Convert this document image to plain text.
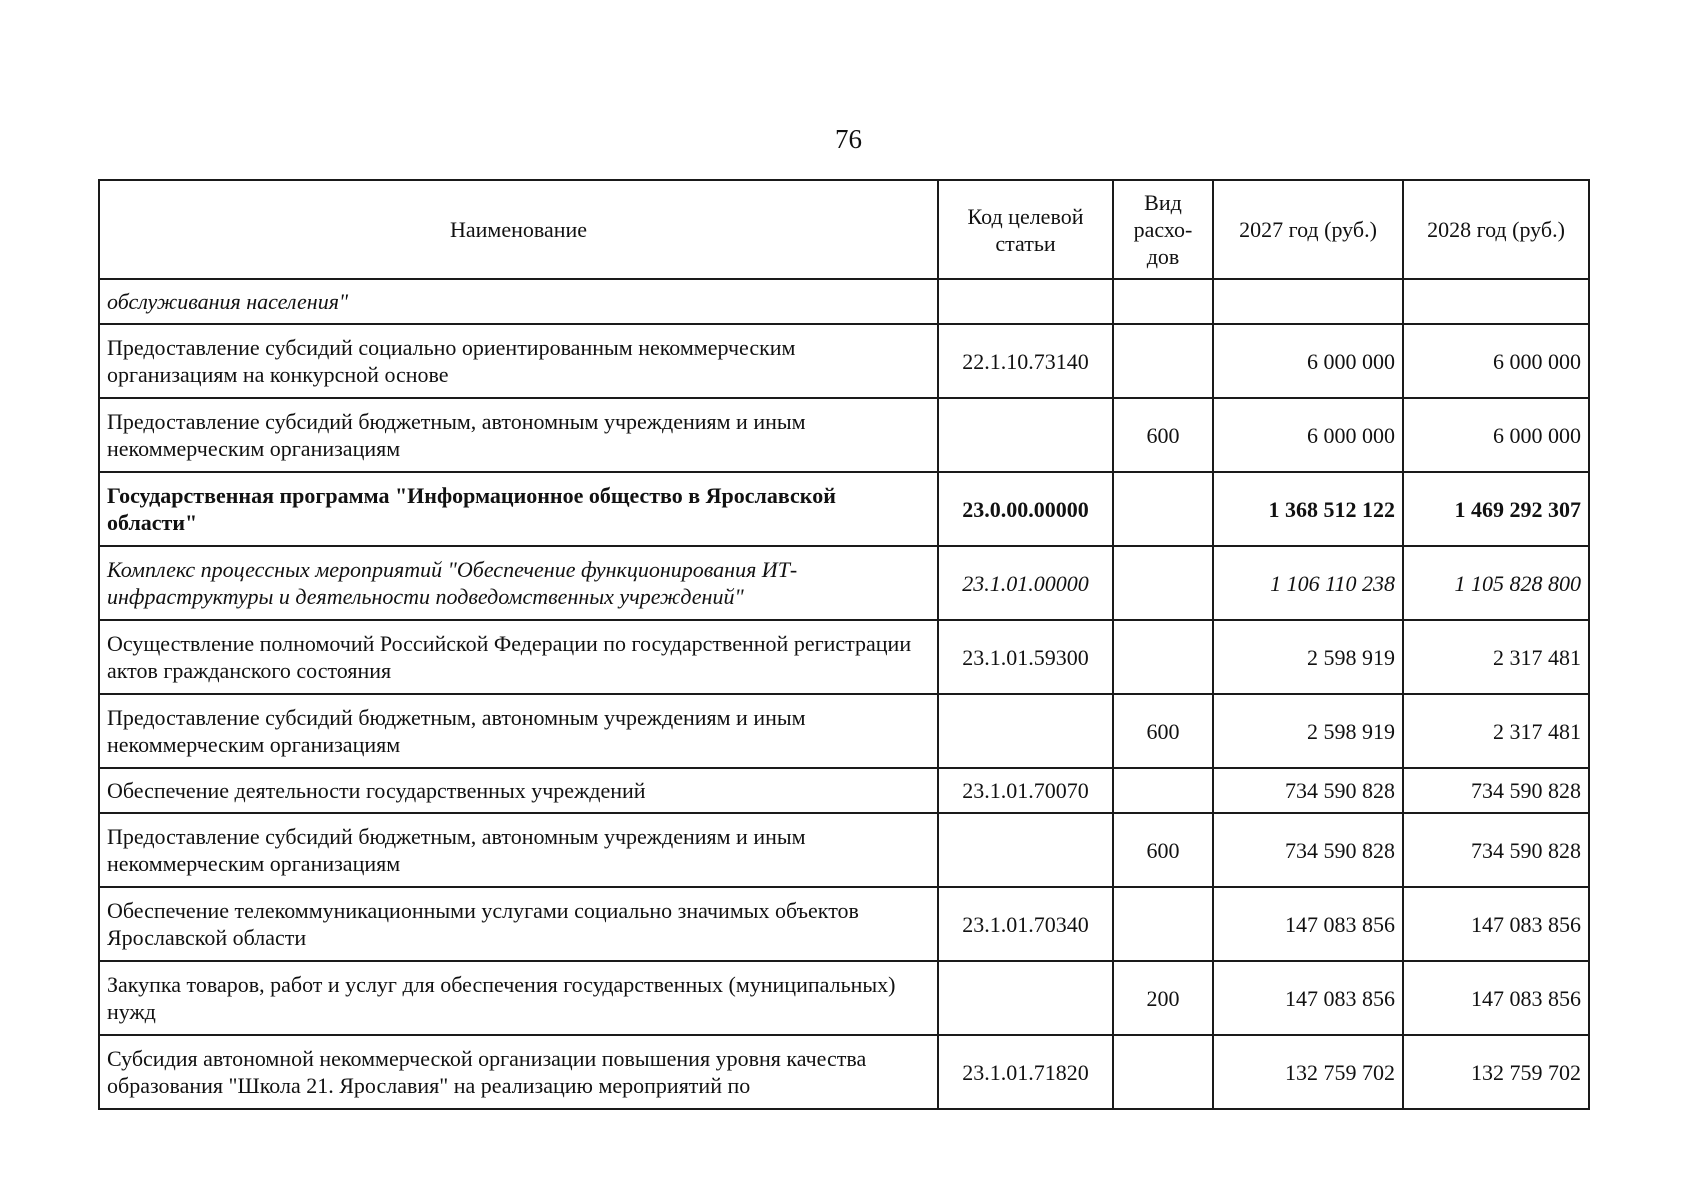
76
Наименование	Код целевой статьи	Вид расхо-дов	2027 год (руб.)	2028 год (руб.)
обслуживания населения"				
Предоставление субсидий социально ориентированным некоммерческим организациям на конкурсной основе	22.1.10.73140		6 000 000	6 000 000
Предоставление субсидий бюджетным, автономным учреждениям и иным некоммерческим организациям		600	6 000 000	6 000 000
Государственная программа "Информационное общество в Ярославской области"	23.0.00.00000		1 368 512 122	1 469 292 307
Комплекс процессных мероприятий "Обеспечение функционирования ИТ-инфраструктуры и деятельности подведомственных учреждений"	23.1.01.00000		1 106 110 238	1 105 828 800
Осуществление полномочий Российской Федерации по государственной регистрации актов гражданского состояния	23.1.01.59300		2 598 919	2 317 481
Предоставление субсидий бюджетным, автономным учреждениям и иным некоммерческим организациям		600	2 598 919	2 317 481
Обеспечение деятельности государственных учреждений	23.1.01.70070		734 590 828	734 590 828
Предоставление субсидий бюджетным, автономным учреждениям и иным некоммерческим организациям		600	734 590 828	734 590 828
Обеспечение телекоммуникационными услугами социально значимых объектов Ярославской области	23.1.01.70340		147 083 856	147 083 856
Закупка товаров, работ и услуг для обеспечения государственных (муниципальных) нужд		200	147 083 856	147 083 856
Субсидия автономной некоммерческой организации повышения уровня качества образования "Школа 21. Ярославия" на реализацию мероприятий по	23.1.01.71820		132 759 702	132 759 702
